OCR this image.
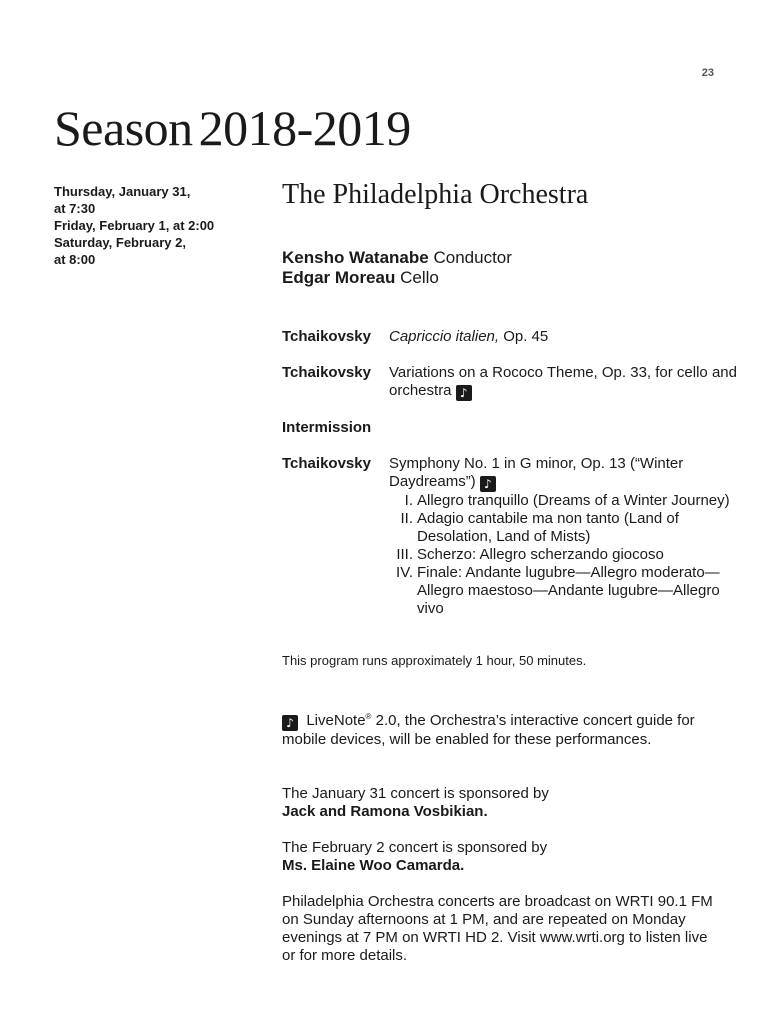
23
Season 2018-2019
Thursday, January 31,
at 7:30
Friday, February 1, at 2:00
Saturday, February 2,
at 8:00
The Philadelphia Orchestra
Kensho Watanabe Conductor
Edgar Moreau Cello
Tchaikovsky	Capriccio italien, Op. 45
Tchaikovsky	Variations on a Rococo Theme, Op. 33, for cello and orchestra ♪
Intermission
Tchaikovsky	Symphony No. 1 in G minor, Op. 13 (“Winter Daydreams”) ♪
I. Allegro tranquillo (Dreams of a Winter Journey)
II. Adagio cantabile ma non tanto (Land of Desolation, Land of Mists)
III. Scherzo: Allegro scherzando giocoso
IV. Finale: Andante lugubre—Allegro moderato—Allegro maestoso—Andante lugubre—Allegro vivo
This program runs approximately 1 hour, 50 minutes.
♪ LiveNote® 2.0, the Orchestra’s interactive concert guide for mobile devices, will be enabled for these performances.
The January 31 concert is sponsored by
Jack and Ramona Vosbikian.
The February 2 concert is sponsored by
Ms. Elaine Woo Camarda.
Philadelphia Orchestra concerts are broadcast on WRTI 90.1 FM on Sunday afternoons at 1 PM, and are repeated on Monday evenings at 7 PM on WRTI HD 2. Visit www.wrti.org to listen live or for more details.
